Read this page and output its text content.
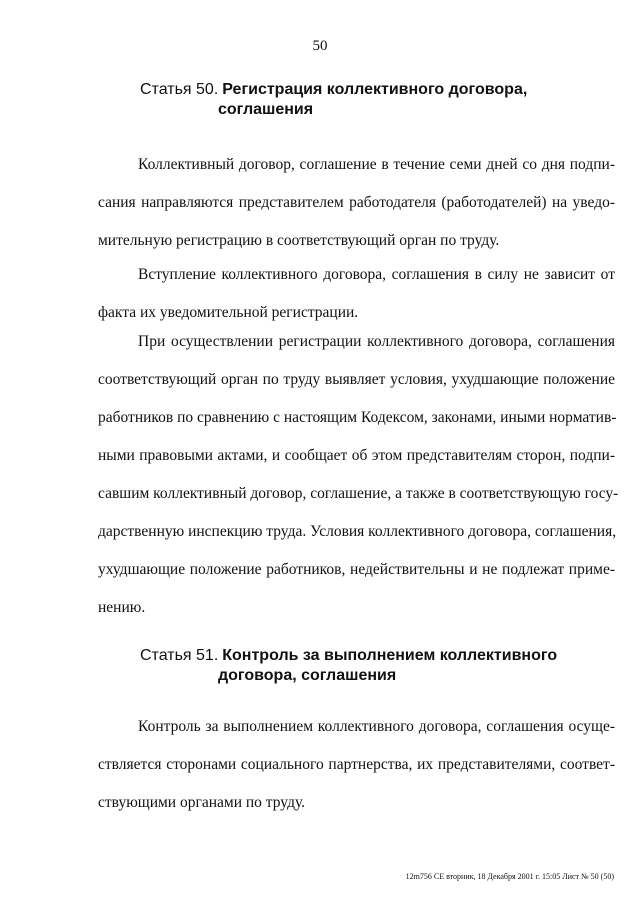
50

Статья 50. Регистрация коллективного договора,
соглашения
Коллективный договор, соглашение в течение семи дней со дня подпи-
сания направляются представителем работодателя (работодателей) на уведо-
мительную регистрацию в соответствующий орган по труду.
Вступление коллективного договора, соглашения в силу не зависит от
факта их уведомительной регистрации.
При осуществлении регистрации коллективного договора, соглашения
соответствующий орган по труду выявляет условия, ухудшающие положение
работников по сравнению с настоящим Кодексом, законами, иными норматив-
ными правовыми актами, и сообщает об этом представителям сторон, подпи-
савшим коллективный договор, соглашение, а также в соответствующую госу-
дарственную инспекцию труда. Условия коллективного договора, соглашения,
ухудшающие положение работников, недействительны и не подлежат приме-
нению.
Статья 51. Контроль за выполнением коллективного
договора, соглашения
Контроль за выполнением коллективного договора, соглашения осуще-
ствляется сторонами социального партнерства, их представителями, соответ-
ствующими органами по труду.

12m756 СЕ вторник, 18 Декабря 2001 г. 15:05 Лист № 50 (50)
